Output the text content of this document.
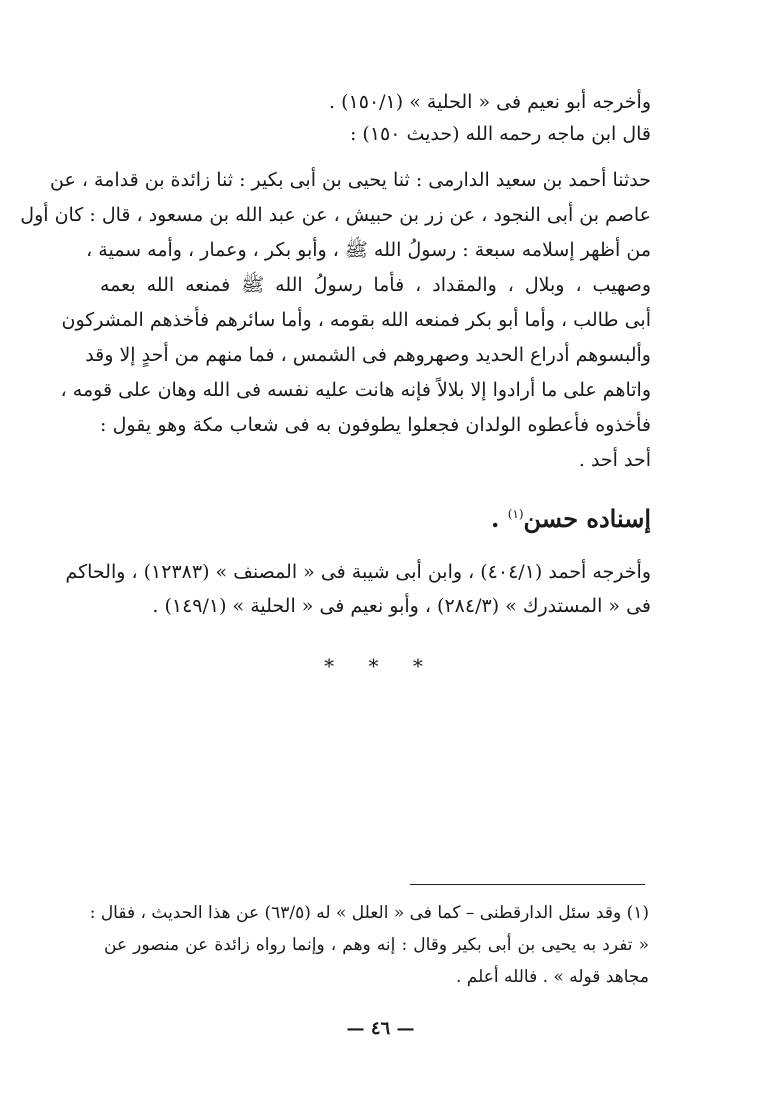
وأخرجه أبو نعيم فى « الحلية » (١٥٠/١) .
قال ابن ماجه رحمه الله (حديث ١٥٠) :
حدثنا أحمد بن سعيد الدارمى : ثنا يحيى بن أبى بكير : ثنا زائدة بن قدامة ، عن
عاصم بن أبى النجود ، عن زر بن حبيش ، عن عبد الله بن مسعود ، قال : كان أول
من أظهر إسلامه سبعة : رسولُ الله ﷺ ، وأبو بكر ، وعمار ، وأمه سمية ،
وصهيب ، وبلال ، والمقداد ، فأما رسولُ الله ﷺ فمنعه الله بعمه
أبى طالب ، وأما أبو بكر فمنعه الله بقومه ، وأما سائرهم فأخذهم المشركون
وألبسوهم أدراع الحديد وصهروهم فى الشمس ، فما منهم من أحدٍ إلا وقد
واتاهم على ما أرادوا إلا بلالاً فإنه هانت عليه نفسه فى الله وهان على قومه ،
فأخذوه فأعطوه الولدان فجعلوا يطوفون به فى شعاب مكة وهو يقول :
أحد أحد .
إسناده حسن$^{(١)}$ .
وأخرجه أحمد (٤٠٤/١) ، وابن أبى شيبة فى « المصنف » (١٢٣٨٣) ، والحاكم
فى « المستدرك » (٢٨٤/٣) ، وأبو نعيم فى « الحلية » (١٤٩/١) .
* * *
(١) وقد سئل الدارقطنى – كما فى « العلل » له (٦٣/٥) عن هذا الحديث ، فقال :
« تفرد به يحيى بن أبى بكير وقال : إنه وهم ، وإنما رواه زائدة عن منصور عن
مجاهد قوله » . فالله أعلم .
— ٤٦ —
